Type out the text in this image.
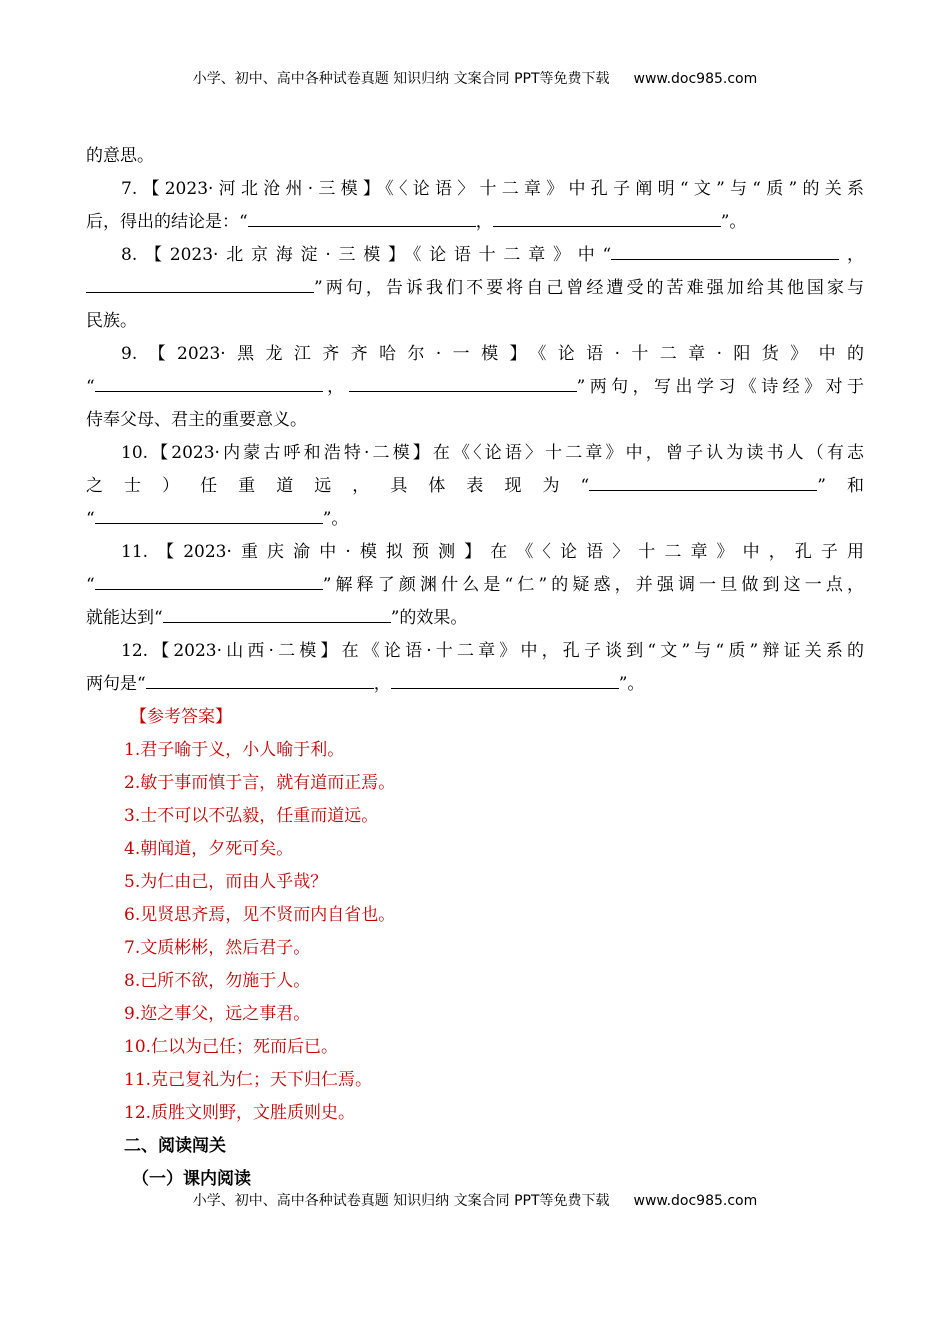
小学、初中、高中各种试卷真题 知识归纳 文案合同 PPT等免费下载 www.doc985.com

的意思。

7.【2023·河北沧州·三模】《〈论语〉十二章》中孔子阐明“文”与“质”的关系

后，得出的结论是：“	，	”。

8.【2023·北京海淀·三模】《论语十二章》中“	，

”两句，告诉我们不要将自己曾经遭受的苦难强加给其他国家与

民族。

9.【2023·黑龙江齐齐哈尔·一模】《论语·十二章·阳货》中的

“	，	”两句，写出学习《诗经》对于

侍奉父母、君主的重要意义。

10.【2023·内蒙古呼和浩特·二模】在《〈论语〉十二章》中，曾子认为读书人（有志

之士）任重道远，具体表现为“	”和

“	”。

11.【2023·重庆渝中·模拟预测】在《〈论语〉十二章》中，孔子用

“	”解释了颜渊什么是“仁”的疑惑，并强调一旦做到这一点，

就能达到“	”的效果。

12.【2023·山西·二模】在《论语·十二章》中，孔子谈到“文”与“质”辩证关系的

两句是“	，	”。

【参考答案】

1.君子喻于义，小人喻于利。

2.敏于事而慎于言，就有道而正焉。

3.士不可以不弘毅，任重而道远。

4.朝闻道，夕死可矣。

5.为仁由己，而由人乎哉？

6.见贤思齐焉，见不贤而内自省也。

7.文质彬彬，然后君子。

8.己所不欲，勿施于人。

9.迩之事父，远之事君。

10.仁以为己任；死而后已。

11.克己复礼为仁；天下归仁焉。

12.质胜文则野，文胜质则史。

二、阅读闯关

（一）课内阅读

小学、初中、高中各种试卷真题 知识归纳 文案合同 PPT等免费下载 www.doc985.com
